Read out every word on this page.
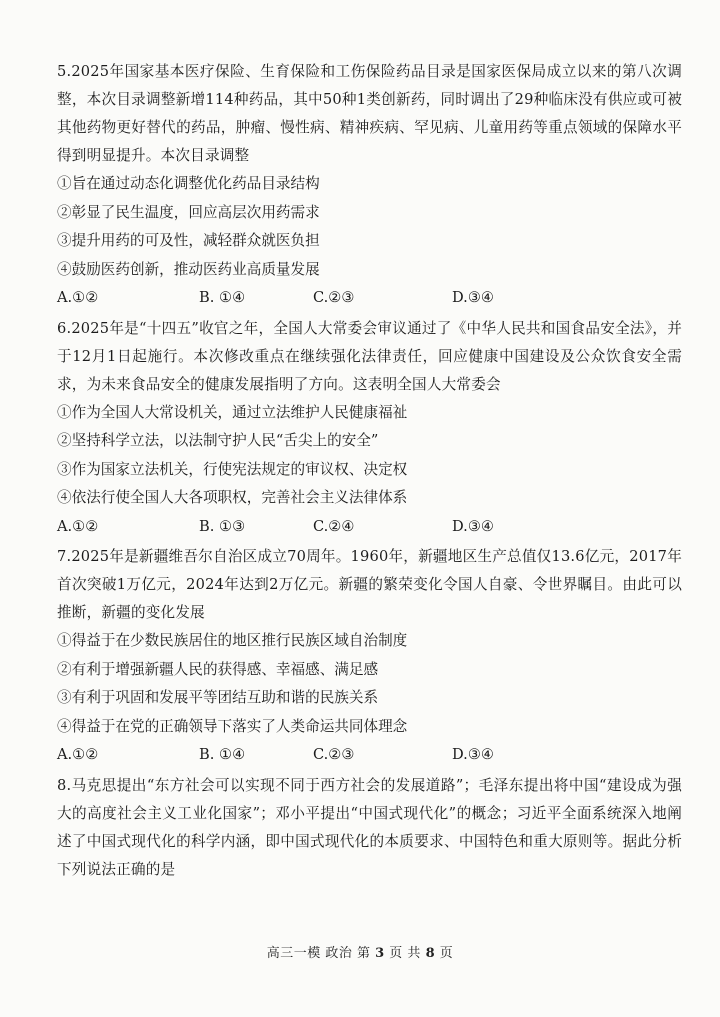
5.2025年国家基本医疗保险、生育保险和工伤保险药品目录是国家医保局成立以来的第八次调整，本次目录调整新增114种药品，其中50种1类创新药，同时调出了29种临床没有供应或可被其他药物更好替代的药品，肿瘤、慢性病、精神疾病、罕见病、儿童用药等重点领域的保障水平得到明显提升。本次目录调整

①旨在通过动态化调整优化药品目录结构

②彰显了民生温度，回应高层次用药需求

③提升用药的可及性，减轻群众就医负担

④鼓励医药创新，推动医药业高质量发展

A.①②	B. ①④	C.②③	D.③④

6.2025年是“十四五”收官之年，全国人大常委会审议通过了《中华人民共和国食品安全法》，并于12月1日起施行。本次修改重点在继续强化法律责任，回应健康中国建设及公众饮食安全需求，为未来食品安全的健康发展指明了方向。这表明全国人大常委会

①作为全国人大常设机关，通过立法维护人民健康福祉

②坚持科学立法，以法制守护人民“舌尖上的安全”

③作为国家立法机关，行使宪法规定的审议权、决定权

④依法行使全国人大各项职权，完善社会主义法律体系

A.①②	B. ①③	C.②④	D.③④

7.2025年是新疆维吾尔自治区成立70周年。1960年，新疆地区生产总值仅13.6亿元，2017年首次突破1万亿元，2024年达到2万亿元。新疆的繁荣变化令国人自豪、令世界瞩目。由此可以推断，新疆的变化发展

①得益于在少数民族居住的地区推行民族区域自治制度

②有利于增强新疆人民的获得感、幸福感、满足感

③有利于巩固和发展平等团结互助和谐的民族关系

④得益于在党的正确领导下落实了人类命运共同体理念

A.①②	B. ①④	C.②③	D.③④

8.马克思提出“东方社会可以实现不同于西方社会的发展道路”；毛泽东提出将中国“建设成为强大的高度社会主义工业化国家”；邓小平提出“中国式现代化”的概念；习近平全面系统深入地阐述了中国式现代化的科学内涵，即中国式现代化的本质要求、中国特色和重大原则等。据此分析下列说法正确的是

高三一模 政治 第 3 页 共 8 页
